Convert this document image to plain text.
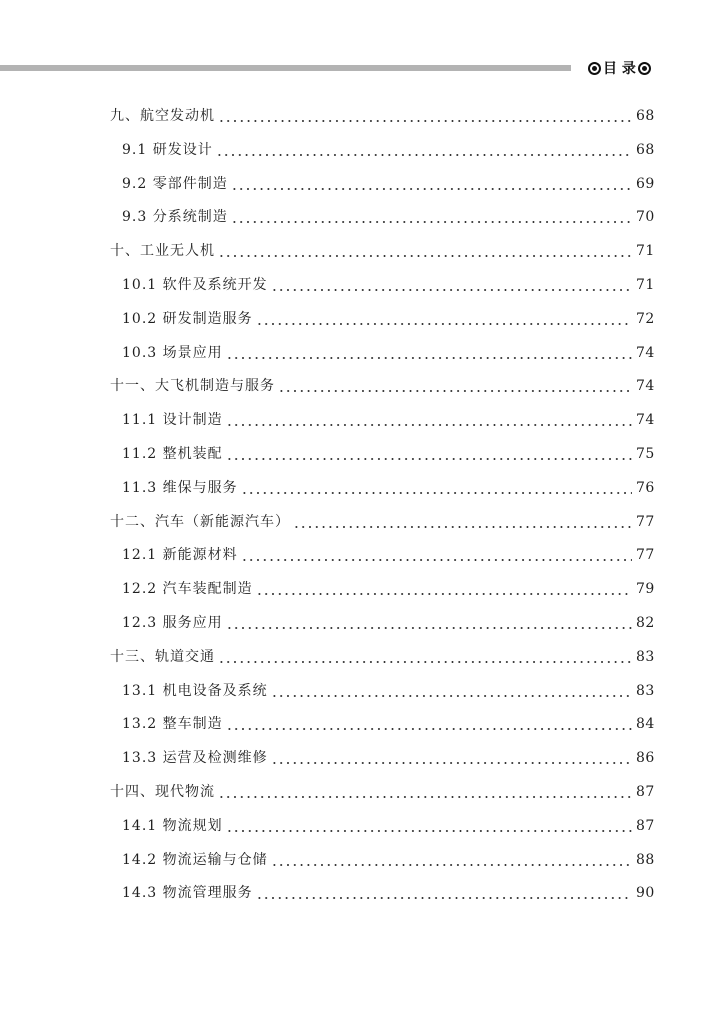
目 录
九、航空发动机	68
9.1 研发设计	68
9.2 零部件制造	69
9.3 分系统制造	70
十、工业无人机	71
10.1 软件及系统开发	71
10.2 研发制造服务	72
10.3 场景应用	74
十一、大飞机制造与服务	74
11.1 设计制造	74
11.2 整机装配	75
11.3 维保与服务	76
十二、汽车（新能源汽车）	77
12.1 新能源材料	77
12.2 汽车装配制造	79
12.3 服务应用	82
十三、轨道交通	83
13.1 机电设备及系统	83
13.2 整车制造	84
13.3 运营及检测维修	86
十四、现代物流	87
14.1 物流规划	87
14.2 物流运输与仓储	88
14.3 物流管理服务	90
